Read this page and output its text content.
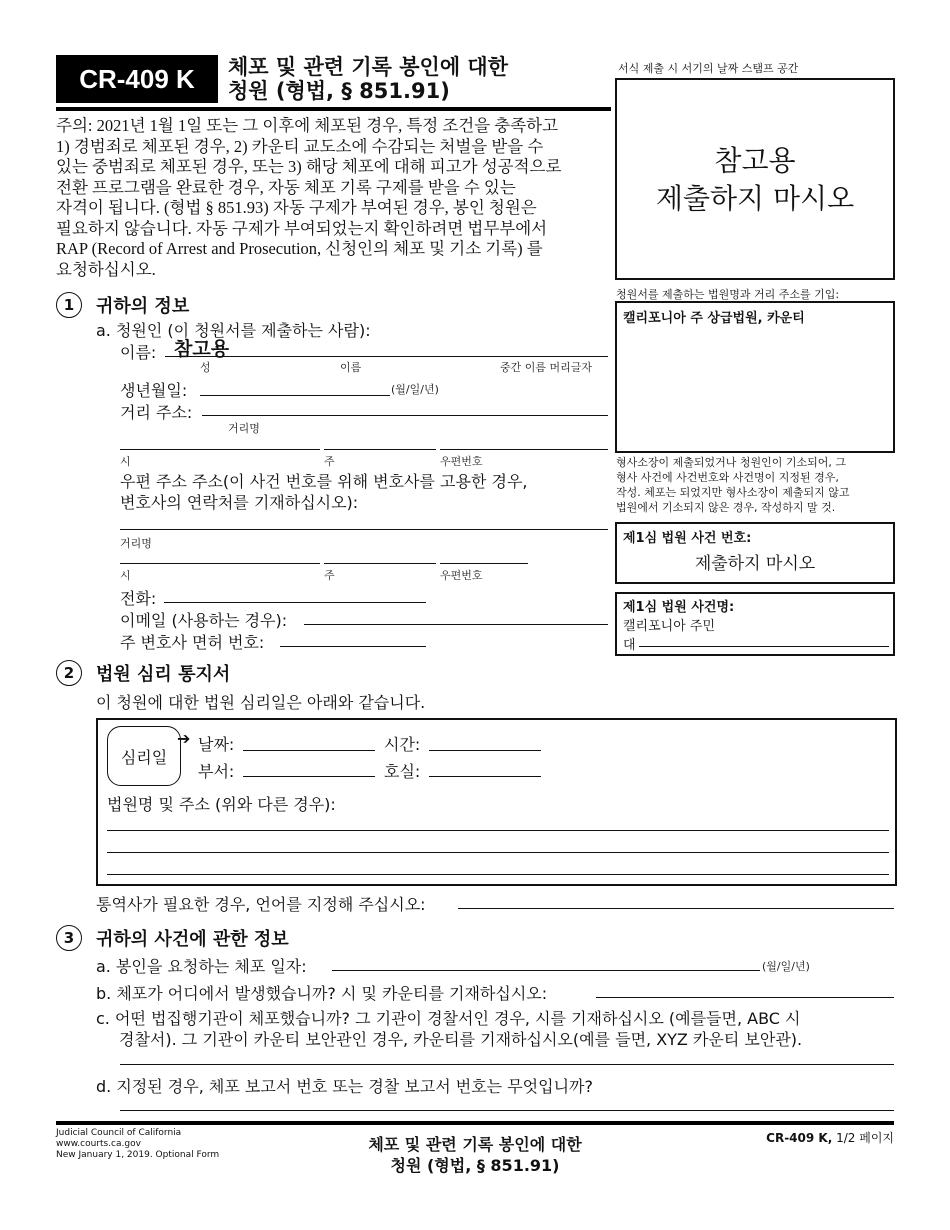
CR-409 K 체포 및 관련 기록 봉인에 대한
청원 (형법, § 851.91)
서식 제출 시 서기의 날짜 스탬프 공간
참고용
제출하지 마시오
주의: 2021년 1월 1일 또는 그 이후에 체포된 경우, 특정 조건을 충족하고
1) 경범죄로 체포된 경우, 2) 카운티 교도소에 수감되는 처벌을 받을 수
있는 중범죄로 체포된 경우, 또는 3) 해당 체포에 대해 피고가 성공적으로
전환 프로그램을 완료한 경우, 자동 체포 기록 구제를 받을 수 있는
자격이 됩니다. (형법 § 851.93) 자동 구제가 부여된 경우, 봉인 청원은
필요하지 않습니다. 자동 구제가 부여되었는지 확인하려면 법무부에서
RAP (Record of Arrest and Prosecution, 신청인의 체포 및 기소 기록) 를
요청하십시오.
청원서를 제출하는 법원명과 거리 주소를 기입:
캘리포니아 주 상급법원, 카운티
형사소장이 제출되었거나 청원인이 기소되어, 그
형사 사건에 사건번호와 사건명이 지정된 경우,
작성. 체포는 되었지만 형사소장이 제출되지 않고
법원에서 기소되지 않은 경우, 작성하지 말 것.
제1심 법원 사건 번호:
제출하지 마시오
제1심 법원 사건명:
캘리포니아 주민
대
1	귀하의 정보
a. 청원인 (이 청원서를 제출하는 사람):
이름: 참고용
성	이름	중간 이름 머리글자
생년월일:	(월/일/년)
거리 주소:
거리명
시	주	우편번호
우편 주소 주소(이 사건 번호를 위해 변호사를 고용한 경우,
변호사의 연락처를 기재하십시오):
거리명
시	주	우편번호
전화:
이메일 (사용하는 경우):
주 변호사 면허 번호:
2	법원 심리 통지서
이 청원에 대한 법원 심리일은 아래와 같습니다.
심리일
➔ 날짜:	시간:
부서:	호실:
법원명 및 주소 (위와 다른 경우):
통역사가 필요한 경우, 언어를 지정해 주십시오:
3	귀하의 사건에 관한 정보
a. 봉인을 요청하는 체포 일자:	(월/일/년)
b. 체포가 어디에서 발생했습니까? 시 및 카운티를 기재하십시오:
c. 어떤 법집행기관이 체포했습니까? 그 기관이 경찰서인 경우, 시를 기재하십시오 (예를들면, ABC 시
경찰서). 그 기관이 카운티 보안관인 경우, 카운티를 기재하십시오(예를 들면, XYZ 카운티 보안관).
d. 지정된 경우, 체포 보고서 번호 또는 경찰 보고서 번호는 무엇입니까?
Judicial Council of California
www.courts.ca.gov
New January 1, 2019. Optional Form
체포 및 관련 기록 봉인에 대한
청원 (형법, § 851.91)
CR-409 K, 1/2 페이지
